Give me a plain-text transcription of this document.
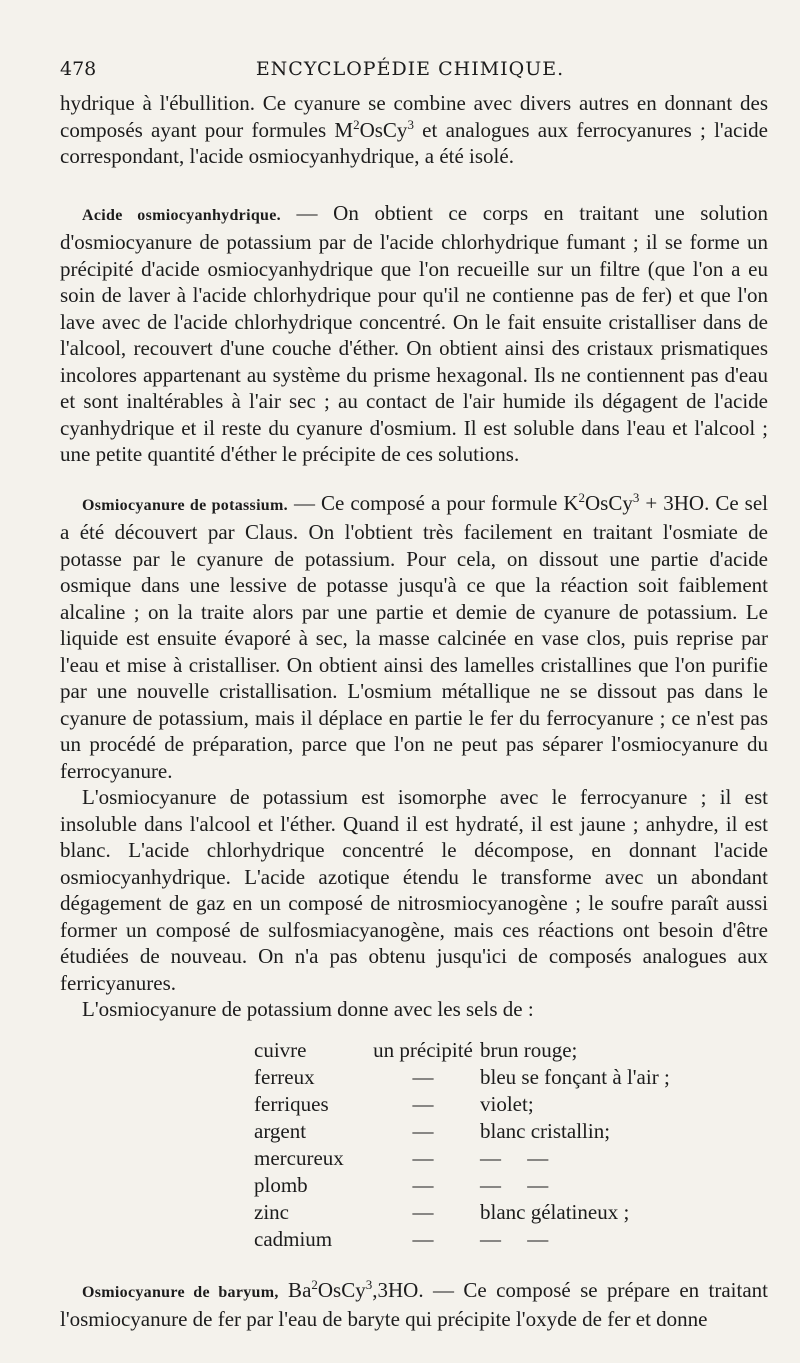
478	ENCYCLOPÉDIE CHIMIQUE.

hydrique à l'ébullition. Ce cyanure se combine avec divers autres en donnant des composés ayant pour formules $M^2OsCy^3$ et analogues aux ferrocyanures ; l'acide correspondant, l'acide osmiocyanhydrique, a été isolé.

Acide osmiocyanhydrique. — On obtient ce corps en traitant une solution d'osmiocyanure de potassium par de l'acide chlorhydrique fumant ; il se forme un précipité d'acide osmiocyanhydrique que l'on recueille sur un filtre (que l'on a eu soin de laver à l'acide chlorhydrique pour qu'il ne contienne pas de fer) et que l'on lave avec de l'acide chlorhydrique concentré. On le fait ensuite cristalliser dans de l'alcool, recouvert d'une couche d'éther. On obtient ainsi des cristaux prismatiques incolores appartenant au système du prisme hexagonal. Ils ne contiennent pas d'eau et sont inaltérables à l'air sec ; au contact de l'air humide ils dégagent de l'acide cyanhydrique et il reste du cyanure d'osmium. Il est soluble dans l'eau et l'alcool ; une petite quantité d'éther le précipite de ces solutions.

Osmiocyanure de potassium. — Ce composé a pour formule $K^2OsCy^3 + 3HO$. Ce sel a été découvert par Claus. On l'obtient très facilement en traitant l'osmiate de potasse par le cyanure de potassium. Pour cela, on dissout une partie d'acide osmique dans une lessive de potasse jusqu'à ce que la réaction soit faiblement alcaline ; on la traite alors par une partie et demie de cyanure de potassium. Le liquide est ensuite évaporé à sec, la masse calcinée en vase clos, puis reprise par l'eau et mise à cristalliser. On obtient ainsi des lamelles cristallines que l'on purifie par une nouvelle cristallisation. L'osmium métallique ne se dissout pas dans le cyanure de potassium, mais il déplace en partie le fer du ferrocyanure ; ce n'est pas un procédé de préparation, parce que l'on ne peut pas séparer l'osmiocyanure du ferrocyanure.

L'osmiocyanure de potassium est isomorphe avec le ferrocyanure ; il est insoluble dans l'alcool et l'éther. Quand il est hydraté, il est jaune ; anhydre, il est blanc. L'acide chlorhydrique concentré le décompose, en donnant l'acide osmiocyanhydrique. L'acide azotique étendu le transforme avec un abondant dégagement de gaz en un composé de nitrosmiocyanogène ; le soufre paraît aussi former un composé de sulfosmiacyanogène, mais ces réactions ont besoin d'être étudiées de nouveau. On n'a pas obtenu jusqu'ici de composés analogues aux ferricyanures.

L'osmiocyanure de potassium donne avec les sels de :

cuivre	un précipité	brun rouge;
ferreux	—	bleu se fonçant à l'air ;
ferriques	—	violet;
argent	—	blanc cristallin;
mercureux	—	—     —
plomb	—	—     —
zinc	—	blanc gélatineux ;
cadmium	—	—     —

Osmiocyanure de baryum, Ba$^2$OsCy$^3$,3HO. — Ce composé se prépare en traitant l'osmiocyanure de fer par l'eau de baryte qui précipite l'oxyde de fer et donne
